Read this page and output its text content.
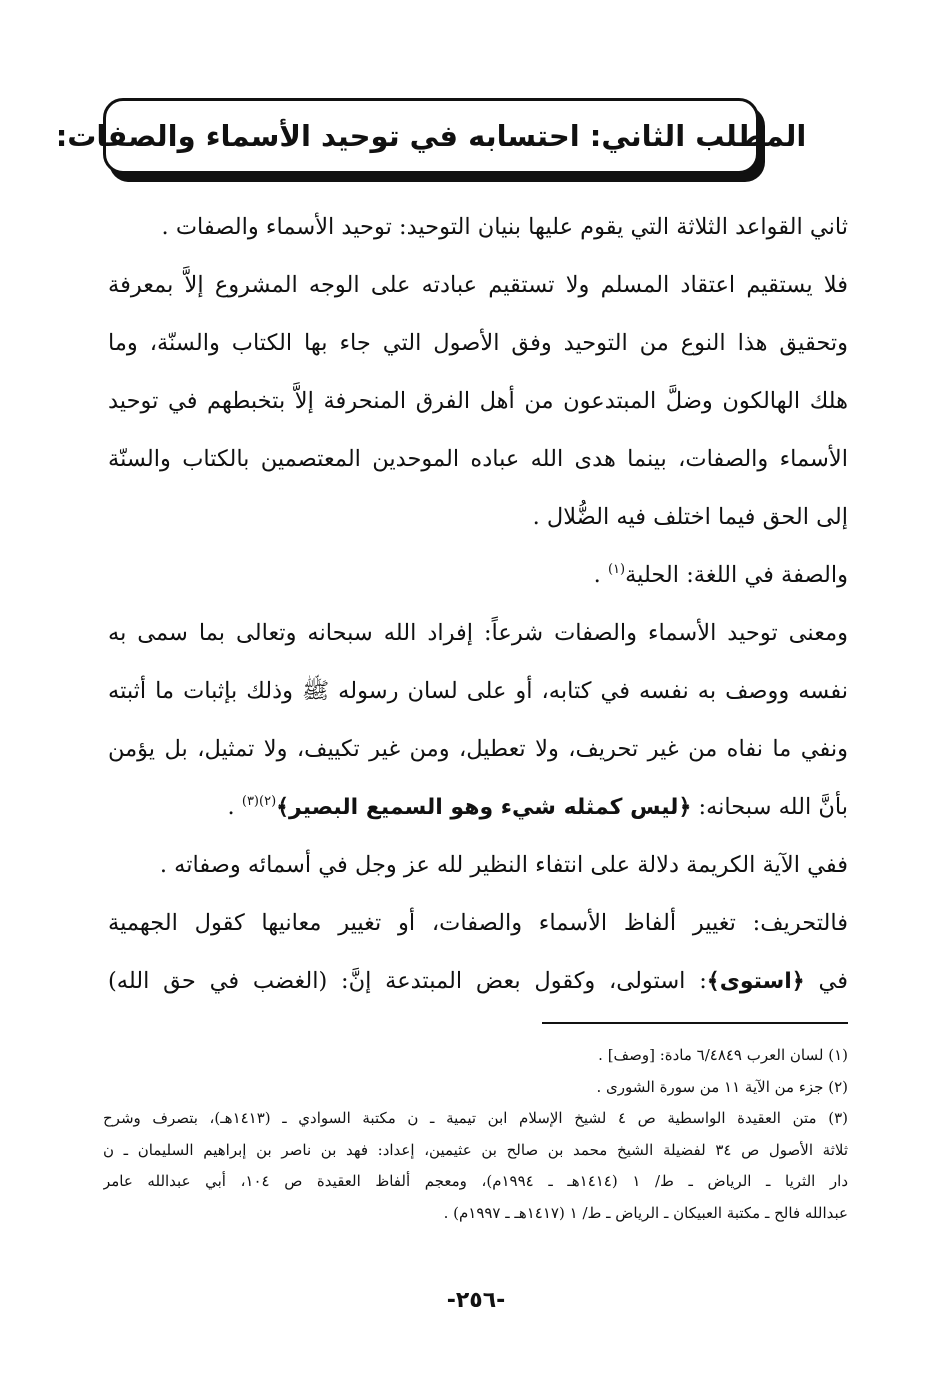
المطلب الثاني: احتسابه في توحيد الأسماء والصفات:
ثاني القواعد الثلاثة التي يقوم عليها بنيان التوحيد: توحيد الأسماء والصفات .
فلا يستقيم اعتقاد المسلم ولا تستقيم عبادته على الوجه المشروع إلاَّ بمعرفة
وتحقيق هذا النوع من التوحيد وفق الأصول التي جاء بها الكتاب والسنّة، وما
هلك الهالكون وضلَّ المبتدعون من أهل الفرق المنحرفة إلاَّ بتخبطهم في توحيد
الأسماء والصفات، بينما هدى الله عباده الموحدين المعتصمين بالكتاب والسنّة
إلى الحق فيما اختلف فيه الضُّلال .
والصفة في اللغة: الحلية$^{(١)}$ .
ومعنى توحيد الأسماء والصفات شرعاً: إفراد الله سبحانه وتعالى بما سمى به
نفسه ووصف به نفسه في كتابه، أو على لسان رسوله ﷺ وذلك بإثبات ما أثبته
ونفي ما نفاه من غير تحريف، ولا تعطيل، ومن غير تكييف، ولا تمثيل، بل يؤمن
بأنَّ الله سبحانه: ﴿ليس كمثله شيء وهو السميع البصير﴾$^{(٢)(٣)}$ .
ففي الآية الكريمة دلالة على انتفاء النظير لله عز وجل في أسمائه وصفاته .
فالتحريف: تغيير ألفاظ الأسماء والصفات، أو تغيير معانيها كقول الجهمية
في ﴿استوى﴾: استولى، وكقول بعض المبتدعة إنَّ: (الغضب في حق الله)
(١) لسان العرب ٦/٤٨٤٩ مادة: [وصف] .
(٢) جزء من الآية ١١ من سورة الشورى .
(٣) متن العقيدة الواسطية ص ٤ لشيخ الإسلام ابن تيمية ـ ن مكتبة السوادي ـ (١٤١٣هـ)، بتصرف وشرح
ثلاثة الأصول ص ٣٤ لفضيلة الشيخ محمد بن صالح بن عثيمين، إعداد: فهد بن ناصر بن إبراهيم السليمان ـ ن
دار الثريا ـ الرياض ـ ط/ ١ (١٤١٤هـ ـ ١٩٩٤م)، ومعجم ألفاظ العقيدة ص ١٠٤، أبي عبدالله عامر
عبدالله فالح ـ مكتبة العبيكان ـ الرياض ـ ط/ ١ (١٤١٧هـ ـ ١٩٩٧م) .
-٢٥٦-
